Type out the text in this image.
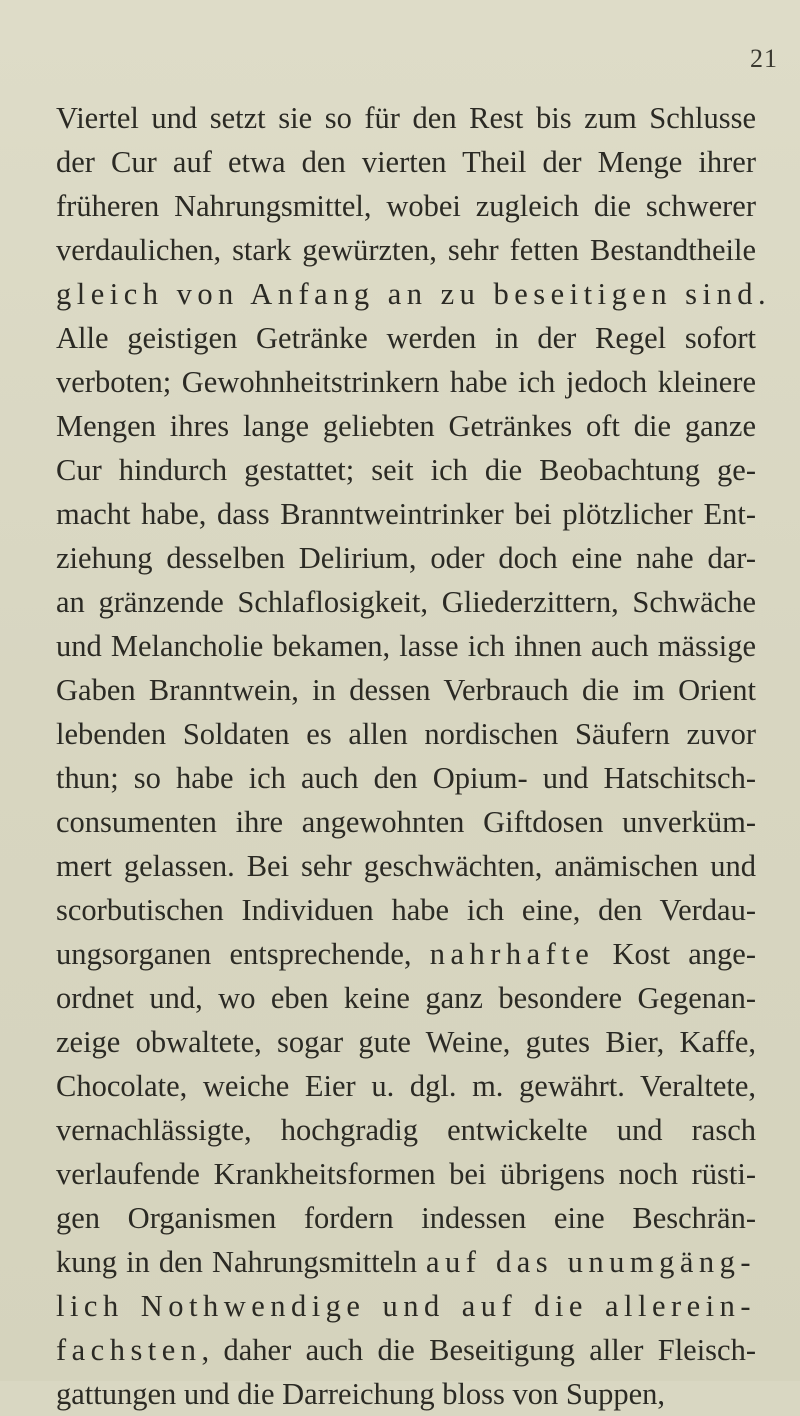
21
Viertel und setzt sie so für den Rest bis zum Schlusse
der Cur auf etwa den vierten Theil der Menge ihrer
früheren Nahrungsmittel, wobei zugleich die schwerer
verdaulichen, stark gewürzten, sehr fetten Bestandtheile
gleich von Anfang an zu beseitigen sind.
Alle geistigen Getränke werden in der Regel sofort
verboten; Gewohnheitstrinkern habe ich jedoch kleinere
Mengen ihres lange geliebten Getränkes oft die ganze
Cur hindurch gestattet; seit ich die Beobachtung ge-
macht habe, dass Branntweintrinker bei plötzlicher Ent-
ziehung desselben Delirium, oder doch eine nahe dar-
an gränzende Schlaflosigkeit, Gliederzittern, Schwäche
und Melancholie bekamen, lasse ich ihnen auch mässige
Gaben Branntwein, in dessen Verbrauch die im Orient
lebenden Soldaten es allen nordischen Säufern zuvor
thun; so habe ich auch den Opium- und Hatschitsch-
consumenten ihre angewohnten Giftdosen unverküm-
mert gelassen. Bei sehr geschwächten, anämischen und
scorbutischen Individuen habe ich eine, den Verdau-
ungsorganen entsprechende, nahrhafte Kost ange-
ordnet und, wo eben keine ganz besondere Gegenan-
zeige obwaltete, sogar gute Weine, gutes Bier, Kaffe,
Chocolate, weiche Eier u. dgl. m. gewährt. Veraltete,
vernachlässigte, hochgradig entwickelte und rasch
verlaufende Krankheitsformen bei übrigens noch rüsti-
gen Organismen fordern indessen eine Beschrän-
kung in den Nahrungsmitteln auf das unumgäng-
lich Nothwendige und auf die allerein-
fachsten, daher auch die Beseitigung aller Fleisch-
gattungen und die Darreichung bloss von Suppen,
